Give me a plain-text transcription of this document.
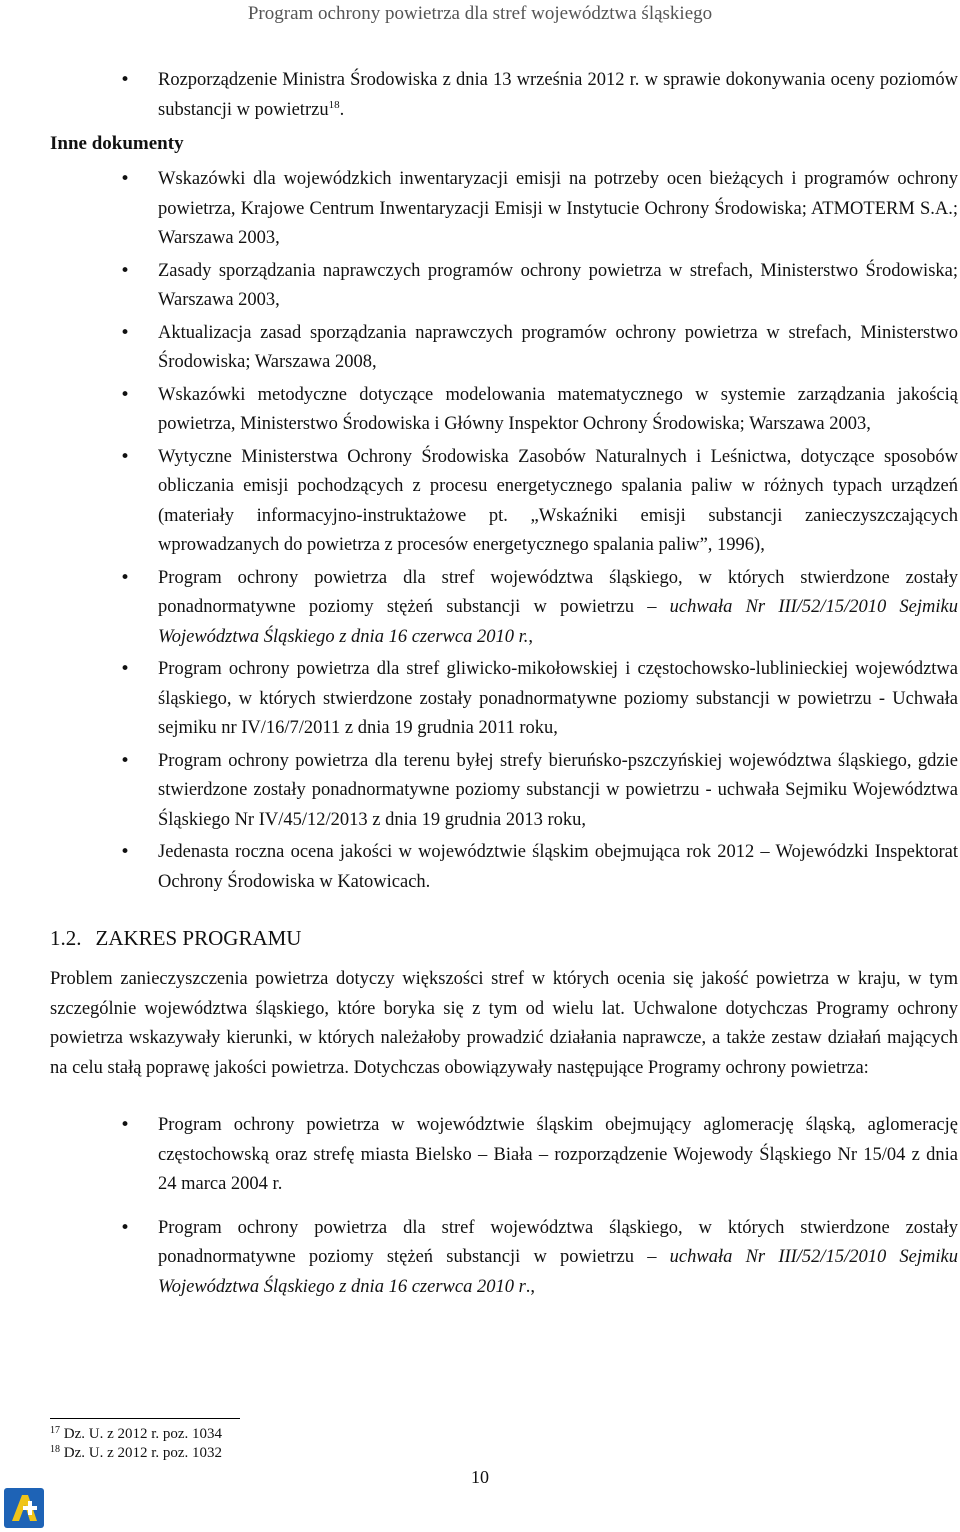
Program ochrony powietrza dla stref województwa śląskiego
• Rozporządzenie Ministra Środowiska z dnia 13 września 2012 r. w sprawie dokonywania oceny poziomów substancji w powietrzu$^{18}$.
Inne dokumenty
• Wskazówki dla wojewódzkich inwentaryzacji emisji na potrzeby ocen bieżących i programów ochrony powietrza, Krajowe Centrum Inwentaryzacji Emisji w Instytucie Ochrony Środowiska; ATMOTERM S.A.; Warszawa 2003,
• Zasady sporządzania naprawczych programów ochrony powietrza w strefach, Ministerstwo Środowiska; Warszawa 2003,
• Aktualizacja zasad sporządzania naprawczych programów ochrony powietrza w strefach, Ministerstwo Środowiska; Warszawa 2008,
• Wskazówki metodyczne dotyczące modelowania matematycznego w systemie zarządzania jakością powietrza, Ministerstwo Środowiska i Główny Inspektor Ochrony Środowiska; Warszawa 2003,
• Wytyczne Ministerstwa Ochrony Środowiska Zasobów Naturalnych i Leśnictwa, dotyczące sposobów obliczania emisji pochodzących z procesu energetycznego spalania paliw w różnych typach urządzeń (materiały informacyjno-instruktażowe pt. „Wskaźniki emisji substancji zanieczyszczających wprowadzanych do powietrza z procesów energetycznego spalania paliw”, 1996),
• Program ochrony powietrza dla stref województwa śląskiego, w których stwierdzone zostały ponadnormatywne poziomy stężeń substancji w powietrzu – uchwała Nr III/52/15/2010 Sejmiku Województwa Śląskiego z dnia 16 czerwca 2010 r.,
• Program ochrony powietrza dla stref gliwicko-mikołowskiej i częstochowsko-lublinieckiej województwa śląskiego, w których stwierdzone zostały ponadnormatywne poziomy substancji w powietrzu - Uchwała sejmiku nr IV/16/7/2011 z dnia 19 grudnia 2011 roku,
• Program ochrony powietrza dla terenu byłej strefy bieruńsko-pszczyńskiej województwa śląskiego, gdzie stwierdzone zostały ponadnormatywne poziomy substancji w powietrzu - uchwała Sejmiku Województwa Śląskiego Nr IV/45/12/2013 z dnia 19 grudnia 2013 roku,
• Jedenasta roczna ocena jakości w województwie śląskim obejmująca rok 2012 – Wojewódzki Inspektorat Ochrony Środowiska w Katowicach.
1.2. ZAKRES PROGRAMU

Problem zanieczyszczenia powietrza dotyczy większości stref w których ocenia się jakość powietrza w kraju, w tym szczególnie województwa śląskiego, które boryka się z tym od wielu lat. Uchwalone dotychczas Programy ochrony powietrza wskazywały kierunki, w których należałoby prowadzić działania naprawcze, a także zestaw działań mających na celu stałą poprawę jakości powietrza. Dotychczas obowiązywały następujące Programy ochrony powietrza:

• Program ochrony powietrza w województwie śląskim obejmujący aglomerację śląską, aglomerację częstochowską oraz strefę miasta Bielsko – Biała – rozporządzenie Wojewody Śląskiego Nr 15/04 z dnia 24 marca 2004 r.
• Program ochrony powietrza dla stref województwa śląskiego, w których stwierdzone zostały ponadnormatywne poziomy stężeń substancji w powietrzu – uchwała Nr III/52/15/2010 Sejmiku Województwa Śląskiego z dnia 16 czerwca 2010 r.,
$^{17}$ Dz. U. z 2012 r. poz. 1034
$^{18}$ Dz. U. z 2012 r. poz. 1032
10
